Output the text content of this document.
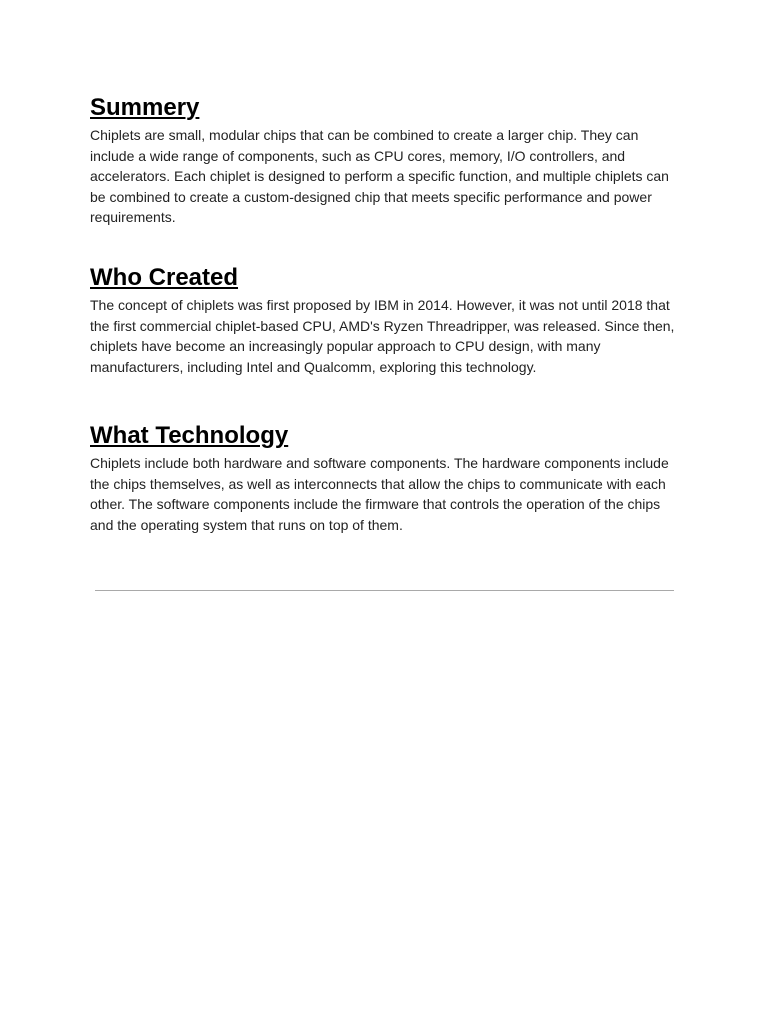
Summery

Chiplets are small, modular chips that can be combined to create a larger chip. They can include a wide range of components, such as CPU cores, memory, I/O controllers, and accelerators. Each chiplet is designed to perform a specific function, and multiple chiplets can be combined to create a custom-designed chip that meets specific performance and power requirements.

Who Created

The concept of chiplets was first proposed by IBM in 2014. However, it was not until 2018 that the first commercial chiplet-based CPU, AMD's Ryzen Threadripper, was released. Since then, chiplets have become an increasingly popular approach to CPU design, with many manufacturers, including Intel and Qualcomm, exploring this technology.

What Technology

Chiplets include both hardware and software components. The hardware components include the chips themselves, as well as interconnects that allow the chips to communicate with each other. The software components include the firmware that controls the operation of the chips and the operating system that runs on top of them.
